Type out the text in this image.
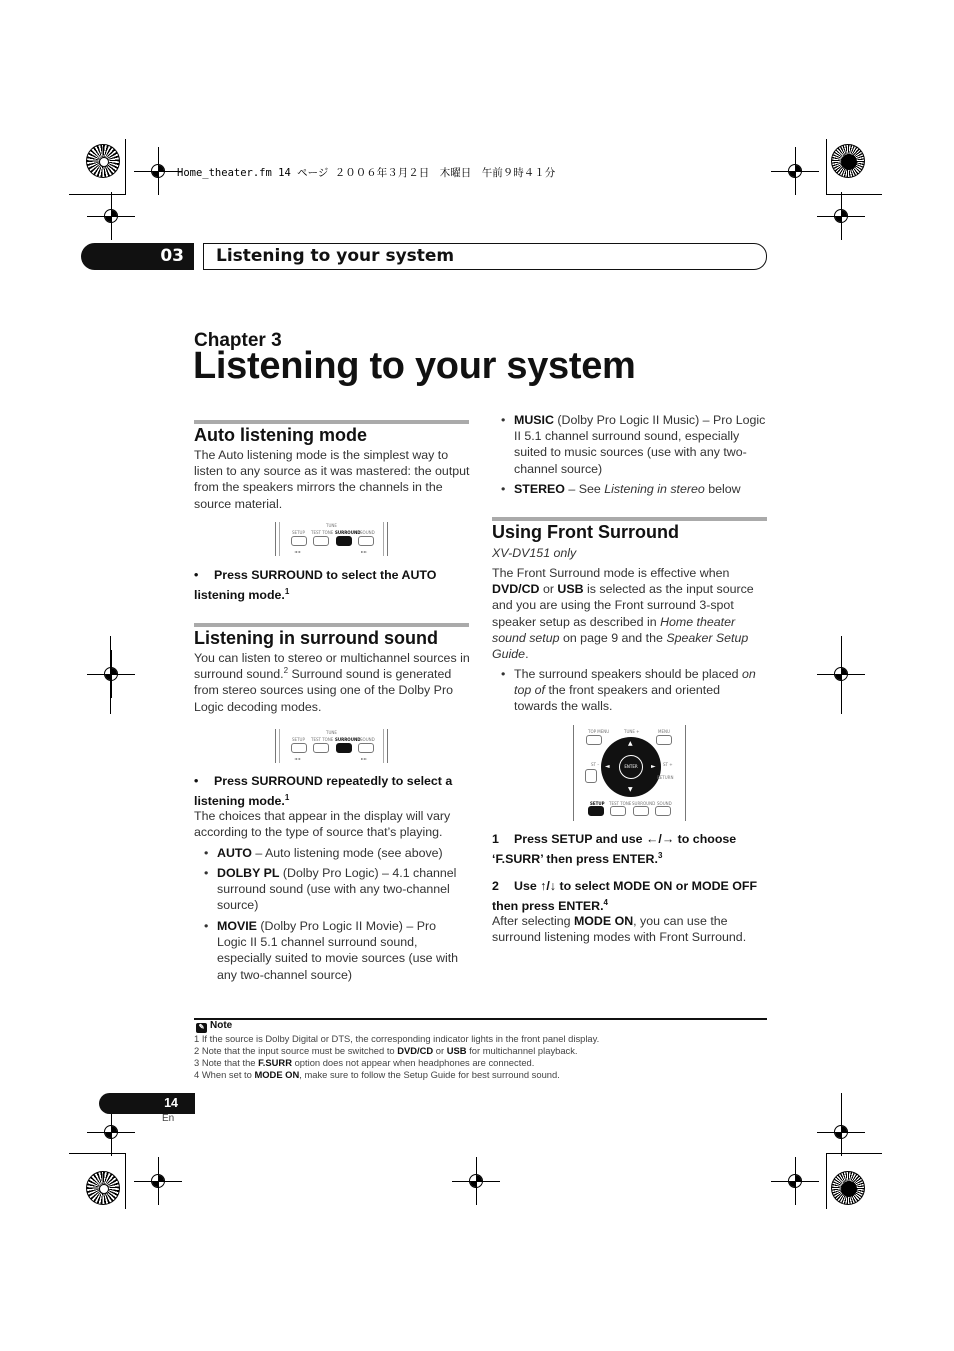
Home_theater.fm 14 ページ ２００６年３月２日　木曜日　午前９時４１分
03	Listening to your system
Chapter 3
Listening to your system
Auto listening mode
The Auto listening mode is the simplest way to listen to any source as it was mastered: the output from the speakers mirrors the channels in the source material.
TUNE
SETUP TEST TONE SURROUND SOUND
◄◄	►►
• Press SURROUND to select the AUTO listening mode.$^1$
Listening in surround sound
You can listen to stereo or multichannel sources in surround sound.$^2$ Surround sound is generated from stereo sources using one of the Dolby Pro Logic decoding modes.
TUNE
SETUP TEST TONE SURROUND SOUND
◄◄	►►
• Press SURROUND repeatedly to select a listening mode.$^1$
The choices that appear in the display will vary according to the type of source that’s playing.
• AUTO – Auto listening mode (see above)
• DOLBY PL (Dolby Pro Logic) – 4.1 channel surround sound (use with any two-channel source)
• MOVIE (Dolby Pro Logic II Movie) – Pro Logic II 5.1 channel surround sound, especially suited to movie sources (use with any two-channel source)
• MUSIC (Dolby Pro Logic II Music) – Pro Logic II 5.1 channel surround sound, especially suited to music sources (use with any two-channel source)
• STEREO – See Listening in stereo below
Using Front Surround
XV-DV151 only
The Front Surround mode is effective when DVD/CD or USB is selected as the input source and you are using the Front surround 3-spot speaker setup as described in Home theater sound setup on page 9 and the Speaker Setup Guide.
• The surround speakers should be placed on top of the front speakers and oriented towards the walls.
TOP MENU	TUNE +	MENU
ST –	ST +
▲
▼
◄	►
ENTER
RETURN
SETUP TEST TONE SURROUND SOUND
1 Press SETUP and use ←/→ to choose ‘F.SURR’ then press ENTER.$^3$
2 Use ↑/↓ to select MODE ON or MODE OFF then press ENTER.$^4$
After selecting MODE ON, you can use the surround listening modes with Front Surround.
✎ Note
1 If the source is Dolby Digital or DTS, the corresponding indicator lights in the front panel display.
2 Note that the input source must be switched to DVD/CD or USB for multichannel playback.
3 Note that the F.SURR option does not appear when headphones are connected.
4 When set to MODE ON, make sure to follow the Setup Guide for best surround sound.
14
En
